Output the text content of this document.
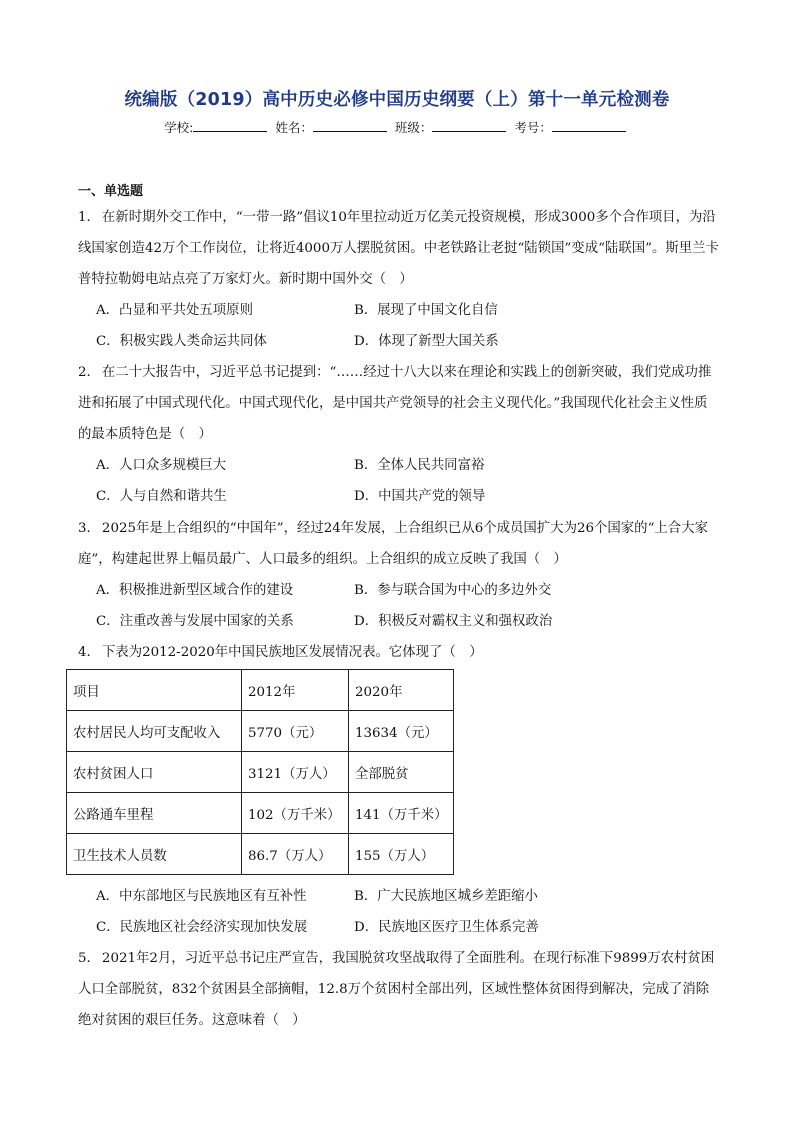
统编版（2019）高中历史必修中国历史纲要（上）第十一单元检测卷
学校:	姓名：	班级：	考号：
一、单选题
1． 在新时期外交工作中，“一带一路”倡议10年里拉动近万亿美元投资规模，形成3000多个合作项目，为沿线国家创造42万个工作岗位，让将近4000万人摆脱贫困。中老铁路让老挝“陆锁国”变成“陆联国”。斯里兰卡普特拉勒姆电站点亮了万家灯火。新时期中国外交（　）
A．凸显和平共处五项原则	B．展现了中国文化自信
C．积极实践人类命运共同体	D．体现了新型大国关系
2． 在二十大报告中，习近平总书记提到：“……经过十八大以来在理论和实践上的创新突破，我们党成功推进和拓展了中国式现代化。中国式现代化，是中国共产党领导的社会主义现代化。”我国现代化社会主义性质的最本质特色是（　）
A．人口众多规模巨大	B．全体人民共同富裕
C．人与自然和谐共生	D．中国共产党的领导
3． 2025年是上合组织的“中国年”，经过24年发展，上合组织已从6个成员国扩大为26个国家的“上合大家庭”，构建起世界上幅员最广、人口最多的组织。上合组织的成立反映了我国（　）
A．积极推进新型区域合作的建设	B．参与联合国为中心的多边外交
C．注重改善与发展中国家的关系	D．积极反对霸权主义和强权政治
4． 下表为2012-2020年中国民族地区发展情况表。它体现了（　）
项目	2012年	2020年
农村居民人均可支配收入	5770（元）	13634（元）
农村贫困人口	3121（万人）	全部脱贫
公路通车里程	102（万千米）	141（万千米）
卫生技术人员数	86.7（万人）	155（万人）
A．中东部地区与民族地区有互补性	B．广大民族地区城乡差距缩小
C．民族地区社会经济实现加快发展	D．民族地区医疗卫生体系完善
5． 2021年2月，习近平总书记庄严宣告，我国脱贫攻坚战取得了全面胜利。在现行标准下9899万农村贫困人口全部脱贫，832个贫困县全部摘帽，12.8万个贫困村全部出列，区域性整体贫困得到解决，完成了消除绝对贫困的艰巨任务。这意味着（　）
